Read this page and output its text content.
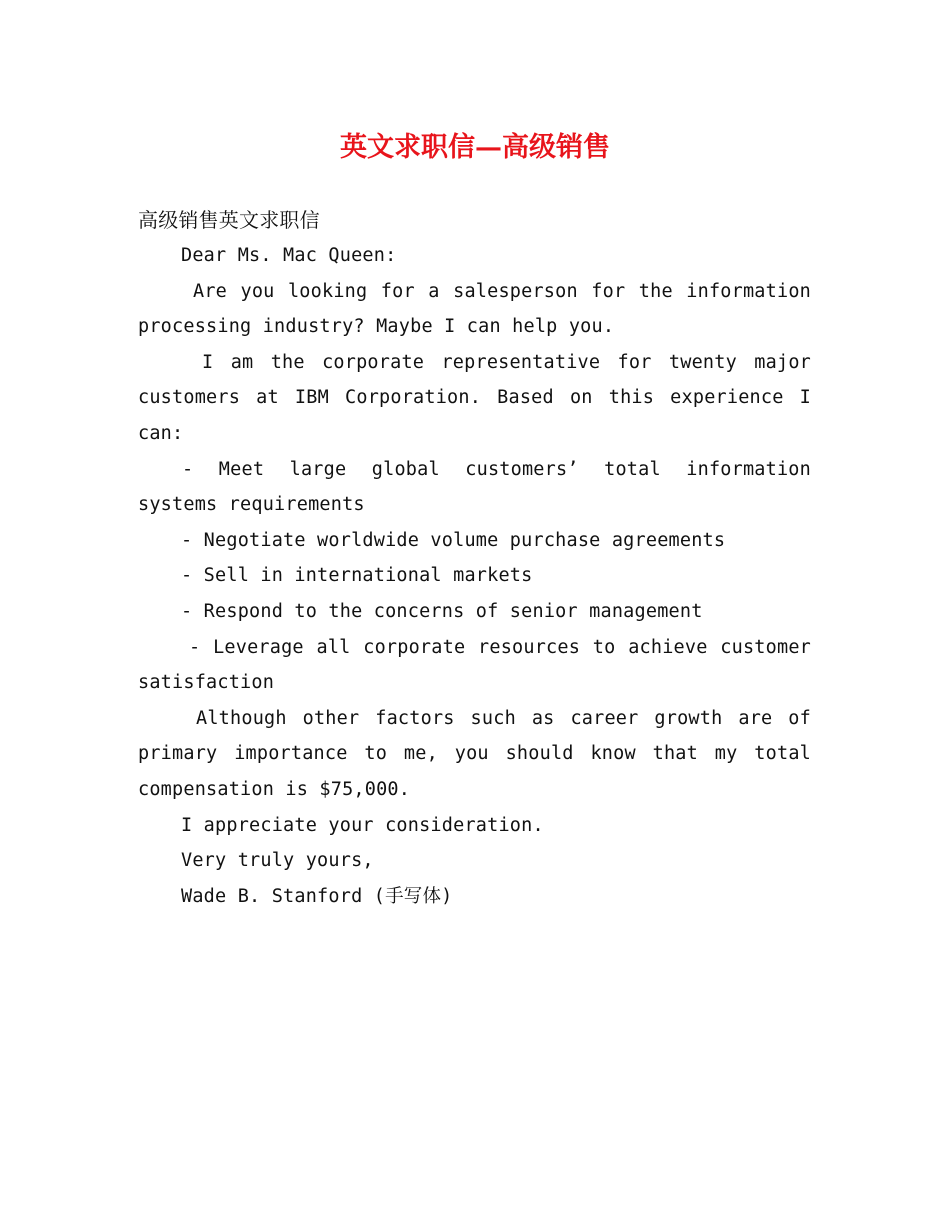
英文求职信—高级销售

高级销售英文求职信

Dear Ms. Mac Queen:

Are you looking for a salesperson for the information processing industry? Maybe I can help you.

I am the corporate representative for twenty major customers at IBM Corporation. Based on this experience I can:

- Meet large global customers’ total information systems requirements

- Negotiate worldwide volume purchase agreements

- Sell in international markets

- Respond to the concerns of senior management

- Leverage all corporate resources to achieve customer satisfaction

Although other factors such as career growth are of primary importance to me, you should know that my total compensation is $75,000.

I appreciate your consideration.

Very truly yours,

Wade B. Stanford (手写体)
